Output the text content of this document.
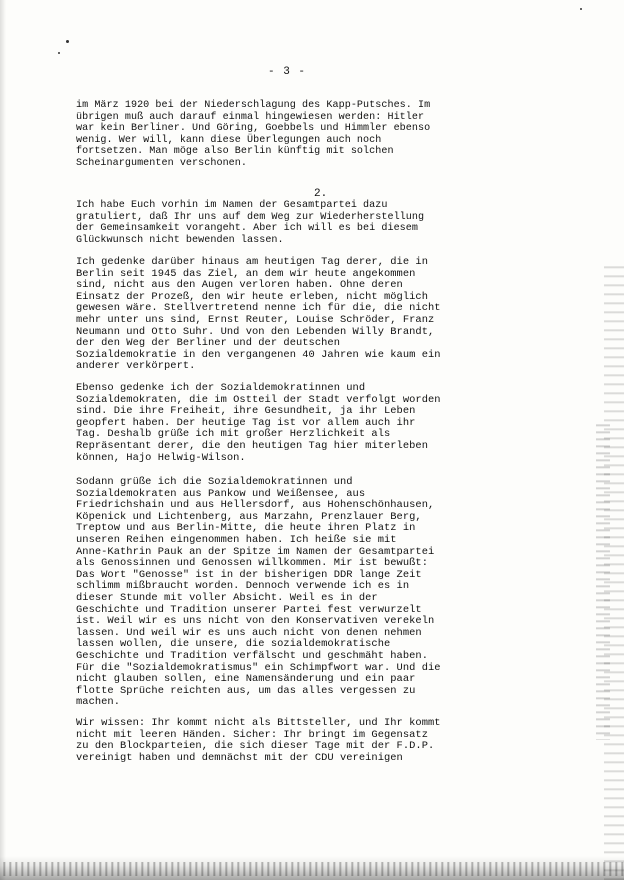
- 3 -
2.
im März 1920 bei der Niederschlagung des Kapp-Putsches. Im
übrigen muß auch darauf einmal hingewiesen werden: Hitler
war kein Berliner. Und Göring, Goebbels und Himmler ebenso
wenig. Wer will, kann diese Überlegungen auch noch
fortsetzen. Man möge also Berlin künftig mit solchen
Scheinargumenten verschonen.
Ich habe Euch vorhin im Namen der Gesamtpartei dazu
gratuliert, daß Ihr uns auf dem Weg zur Wiederherstellung
der Gemeinsamkeit vorangeht. Aber ich will es bei diesem
Glückwunsch nicht bewenden lassen.
Ich gedenke darüber hinaus am heutigen Tag derer, die in
Berlin seit 1945 das Ziel, an dem wir heute angekommen
sind, nicht aus den Augen verloren haben. Ohne deren
Einsatz der Prozeß, den wir heute erleben, nicht möglich
gewesen wäre. Stellvertretend nenne ich für die, die nicht
mehr unter uns sind, Ernst Reuter, Louise Schröder, Franz
Neumann und Otto Suhr. Und von den Lebenden Willy Brandt,
der den Weg der Berliner und der deutschen
Sozialdemokratie in den vergangenen 40 Jahren wie kaum ein
anderer verkörpert.
Ebenso gedenke ich der Sozialdemokratinnen und
Sozialdemokraten, die im Ostteil der Stadt verfolgt worden
sind. Die ihre Freiheit, ihre Gesundheit, ja ihr Leben
geopfert haben. Der heutige Tag ist vor allem auch ihr
Tag. Deshalb grüße ich mit großer Herzlichkeit als
Repräsentant derer, die den heutigen Tag hier miterleben
können, Hajo Helwig-Wilson.
Sodann grüße ich die Sozialdemokratinnen und
Sozialdemokraten aus Pankow und Weißensee, aus
Friedrichshain und aus Hellersdorf, aus Hohenschönhausen,
Köpenick und Lichtenberg, aus Marzahn, Prenzlauer Berg,
Treptow und aus Berlin-Mitte, die heute ihren Platz in
unseren Reihen eingenommen haben. Ich heiße sie mit
Anne-Kathrin Pauk an der Spitze im Namen der Gesamtpartei
als Genossinnen und Genossen willkommen. Mir ist bewußt:
Das Wort "Genosse" ist in der bisherigen DDR lange Zeit
schlimm mißbraucht worden. Dennoch verwende ich es in
dieser Stunde mit voller Absicht. Weil es in der
Geschichte und Tradition unserer Partei fest verwurzelt
ist. Weil wir es uns nicht von den Konservativen verekeln
lassen. Und weil wir es uns auch nicht von denen nehmen
lassen wollen, die unsere, die sozialdemokratische
Geschichte und Tradition verfälscht und geschmäht haben.
Für die "Sozialdemokratismus" ein Schimpfwort war. Und die
nicht glauben sollen, eine Namensänderung und ein paar
flotte Sprüche reichten aus, um das alles vergessen zu
machen.
Wir wissen: Ihr kommt nicht als Bittsteller, und Ihr kommt
nicht mit leeren Händen. Sicher: Ihr bringt im Gegensatz
zu den Blockparteien, die sich dieser Tage mit der F.D.P.
vereinigt haben und demnächst mit der CDU vereinigen
